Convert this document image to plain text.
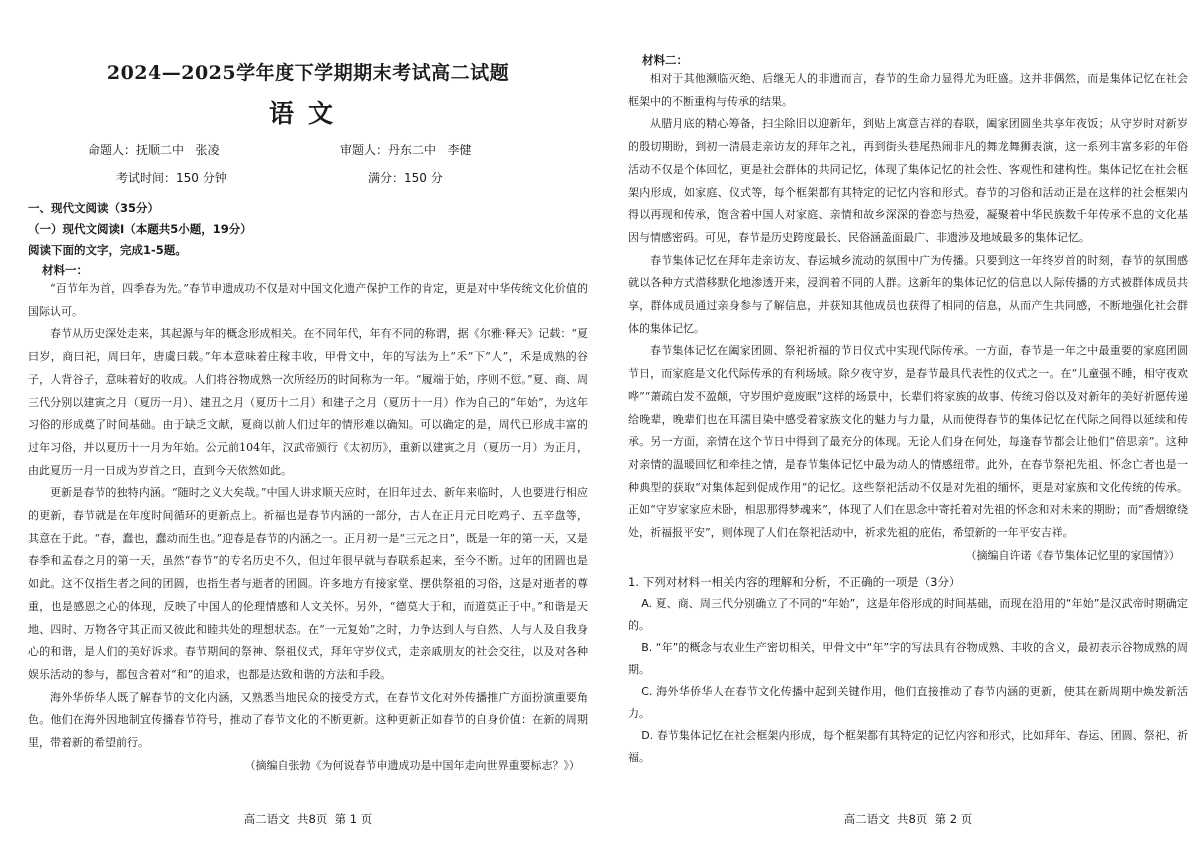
2024—2025学年度下学期期末考试高二试题
语文
命题人：抚顺二中   张凌	审题人：丹东二中   李健
考试时间：150 分钟	满分：150 分
一、现代文阅读（35分）
（一）现代文阅读Ⅰ（本题共5小题，19分）
阅读下面的文字，完成1-5题。
材料一：

“百节年为首，四季春为先。”春节申遗成功不仅是对中国文化遗产保护工作的肯定，更是对中华传统文化价值的国际认可。

春节从历史深处走来，其起源与年的概念形成相关。在不同年代，年有不同的称谓，据《尔雅·释天》记载：“夏曰岁，商曰祀，周曰年，唐虞曰载。”年本意味着庄稼丰收，甲骨文中，年的写法为上“禾”下“人”，禾是成熟的谷子，人背谷子，意味着好的收成。人们将谷物成熟一次所经历的时间称为一年。“履端于始，序则不愆。”夏、商、周三代分别以建寅之月（夏历一月）、建丑之月（夏历十二月）和建子之月（夏历十一月）作为自己的“年始”，为这年习俗的形成奠了时间基础。由于缺乏文献，夏商以前人们过年的情形难以确知。可以确定的是，周代已形成丰富的过年习俗，并以夏历十一月为年始。公元前104年，汉武帝颁行《太初历》，重新以建寅之月（夏历一月）为正月，由此夏历一月一日成为岁首之日，直到今天依然如此。

更新是春节的独特内涵。“随时之义大矣哉。”中国人讲求顺天应时，在旧年过去、新年来临时，人也要进行相应的更新，春节就是在年度时间循环的更新点上。祈福也是春节内涵的一部分，古人在正月元日吃鸡子、五辛盘等，其意在于此。“春，蠢也，蠢动而生也。”迎春是春节的内涵之一。正月初一是“三元之日”，既是一年的第一天，又是春季和孟春之月的第一天，虽然“春节”的专名历史不久，但过年很早就与春联系起来，至今不断。过年的团圆也是如此。这不仅指生者之间的团圆，也指生者与逝者的团圆。许多地方有接家堂、摆供祭祖的习俗，这是对逝者的尊重，也是感恩之心的体现，反映了中国人的伦理情感和人文关怀。另外，“德莫大于和，而道莫正于中。”和谐是天地、四时、万物各守其正而又彼此和睦共处的理想状态。在“一元复始”之时，力争达到人与自然、人与人及自我身心的和谐，是人们的美好诉求。春节期间的祭神、祭祖仪式，拜年守岁仪式，走亲戚朋友的社会交往，以及对各种娱乐活动的参与，都包含着对“和”的追求，也都是达致和谐的方法和手段。

海外华侨华人既了解春节的文化内涵，又熟悉当地民众的接受方式，在春节文化对外传播推广方面扮演重要角色。他们在海外因地制宜传播春节符号，推动了春节文化的不断更新。这种更新正如春节的自身价值：在新的周期里，带着新的希望前行。

（摘编自张勃《为何说春节申遗成功是中国年走向世界重要标志？》）

高二语文  共8页  第 1 页
材料二：

相对于其他濒临灭绝、后继无人的非遗而言，春节的生命力显得尤为旺盛。这并非偶然，而是集体记忆在社会框架中的不断重构与传承的结果。

从腊月底的精心筹备，扫尘除旧以迎新年，到贴上寓意吉祥的春联，阖家团圆坐共享年夜饭；从守岁时对新岁的殷切期盼，到初一清晨走亲访友的拜年之礼，再到街头巷尾热闹非凡的舞龙舞狮表演，这一系列丰富多彩的年俗活动不仅是个体回忆，更是社会群体的共同记忆，体现了集体记忆的社会性、客观性和建构性。集体记忆在社会框架内形成，如家庭、仪式等，每个框架都有其特定的记忆内容和形式。春节的习俗和活动正是在这样的社会框架内得以再现和传承，饱含着中国人对家庭、亲情和故乡深深的眷恋与热爱，凝聚着中华民族数千年传承不息的文化基因与情感密码。可见，春节是历史跨度最长、民俗涵盖面最广、非遗涉及地域最多的集体记忆。

春节集体记忆在拜年走亲访友、春运城乡流动的氛围中广为传播。只要到这一年终岁首的时刻，春节的氛围感就以各种方式潜移默化地渗透开来，浸润着不同的人群。这新年的集体记忆的信息以人际传播的方式被群体成员共享，群体成员通过亲身参与了解信息，并获知其他成员也获得了相同的信息，从而产生共同感，不断地强化社会群体的集体记忆。

春节集体记忆在阖家团圆、祭祀祈福的节日仪式中实现代际传承。一方面，春节是一年之中最重要的家庭团圆节日，而家庭是文化代际传承的有利场域。除夕夜守岁，是春节最具代表性的仪式之一。在“儿童强不睡，相守夜欢哗”“萧疏白发不盈颠，守岁围炉竟废眠”这样的场景中，长辈们将家族的故事、传统习俗以及对新年的美好祈愿传递给晚辈，晚辈们也在耳濡目染中感受着家族文化的魅力与力量，从而使得春节的集体记忆在代际之间得以延续和传承。另一方面，亲情在这个节日中得到了最充分的体现。无论人们身在何处，每逢春节都会让他们“倍思亲”。这种对亲情的温暖回忆和牵挂之情，是春节集体记忆中最为动人的情感纽带。此外，在春节祭祀先祖、怀念亡者也是一种典型的获取“对集体起到促成作用”的记忆。这些祭祀活动不仅是对先祖的缅怀，更是对家族和文化传统的传承。正如“守岁家家应未卧，相思那得梦魂来”，体现了人们在思念中寄托着对先祖的怀念和对未来的期盼；而“香烟缭绕处，祈福报平安”，则体现了人们在祭祀活动中，祈求先祖的庇佑，希望新的一年平安吉祥。

（摘编自许诺《春节集体记忆里的家国情》）

1. 下列对材料一相关内容的理解和分析，不正确的一项是（3分）

A. 夏、商、周三代分别确立了不同的“年始”，这是年俗形成的时间基础，而现在沿用的“年始”是汉武帝时期确定的。

B. “年”的概念与农业生产密切相关，甲骨文中“年”字的写法具有谷物成熟、丰收的含义，最初表示谷物成熟的周期。

C. 海外华侨华人在春节文化传播中起到关键作用，他们直接推动了春节内涵的更新，使其在新周期中焕发新活力。

D. 春节集体记忆在社会框架内形成，每个框架都有其特定的记忆内容和形式，比如拜年、春运、团圆、祭祀、祈福。

高二语文  共8页  第 2 页
